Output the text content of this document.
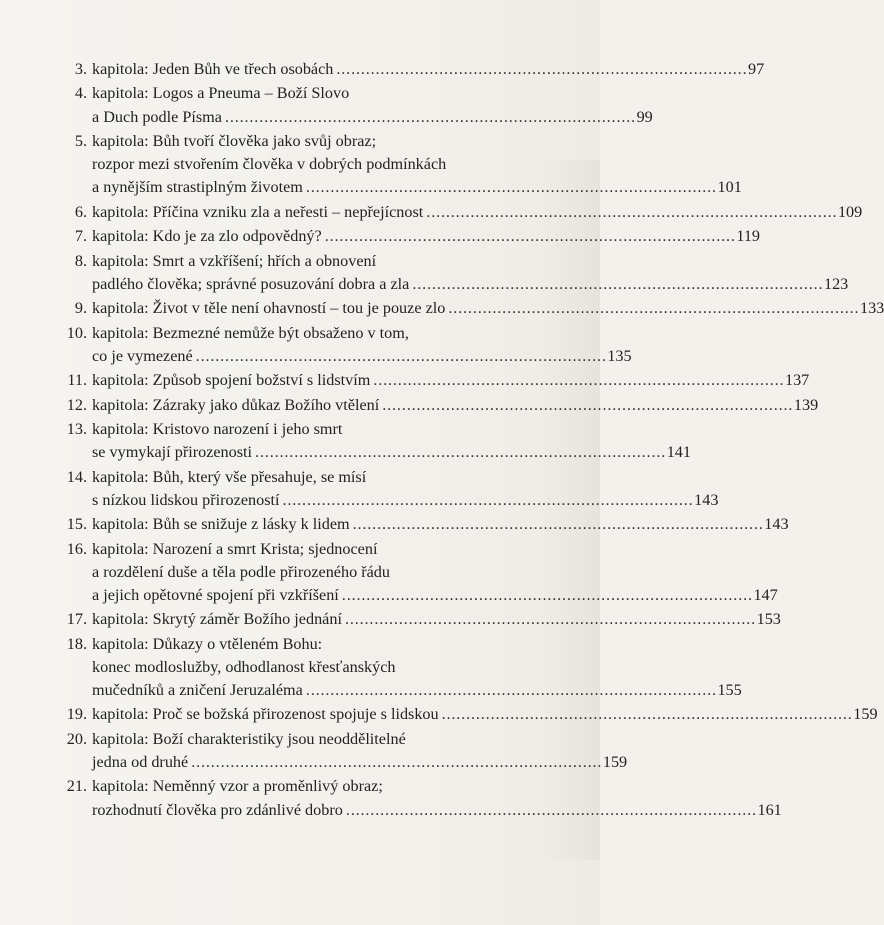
3. kapitola: Jeden Bůh ve třech osobách . . .	97
4. kapitola: Logos a Pneuma – Boží Slovo
a Duch podle Písma . . .	99
5. kapitola: Bůh tvoří člověka jako svůj obraz;
rozpor mezi stvořením člověka v dobrých podmínkách
a nynějším strastiplným životem . . .	101
6. kapitola: Příčina vzniku zla a neřesti – nepřejícnost . . .	109
7. kapitola: Kdo je za zlo odpovědný? . . .	119
8. kapitola: Smrt a vzkříšení; hřích a obnovení
padlého člověka; správné posuzování dobra a zla . . .	123
9. kapitola: Život v těle není ohavností – tou je pouze zlo . . .	133
10. kapitola: Bezmezné nemůže být obsaženo v tom,
co je vymezené . . .	135
11. kapitola: Způsob spojení božství s lidstvím . . .	137
12. kapitola: Zázraky jako důkaz Božího vtělení . . .	139
13. kapitola: Kristovo narození i jeho smrt
se vymykají přirozenosti . . .	141
14. kapitola: Bůh, který vše přesahuje, se mísí
s nízkou lidskou přirozeností . . .	143
15. kapitola: Bůh se snižuje z lásky k lidem . . .	143
16. kapitola: Narození a smrt Krista; sjednocení
a rozdělení duše a těla podle přirozeného řádu
a jejich opětovné spojení při vzkříšení . . .	147
17. kapitola: Skrytý záměr Božího jednání . . .	153
18. kapitola: Důkazy o vtěleném Bohu:
konec modloslužby, odhodlanost křesťanských
mučedníků a zničení Jeruzaléma . . .	155
19. kapitola: Proč se božská přirozenost spojuje s lidskou . . .	159
20. kapitola: Boží charakteristiky jsou neoddělitelné
jedna od druhé . . .	159
21. kapitola: Neměnný vzor a proměnlivý obraz;
rozhodnutí člověka pro zdánlivé dobro . . .	161
